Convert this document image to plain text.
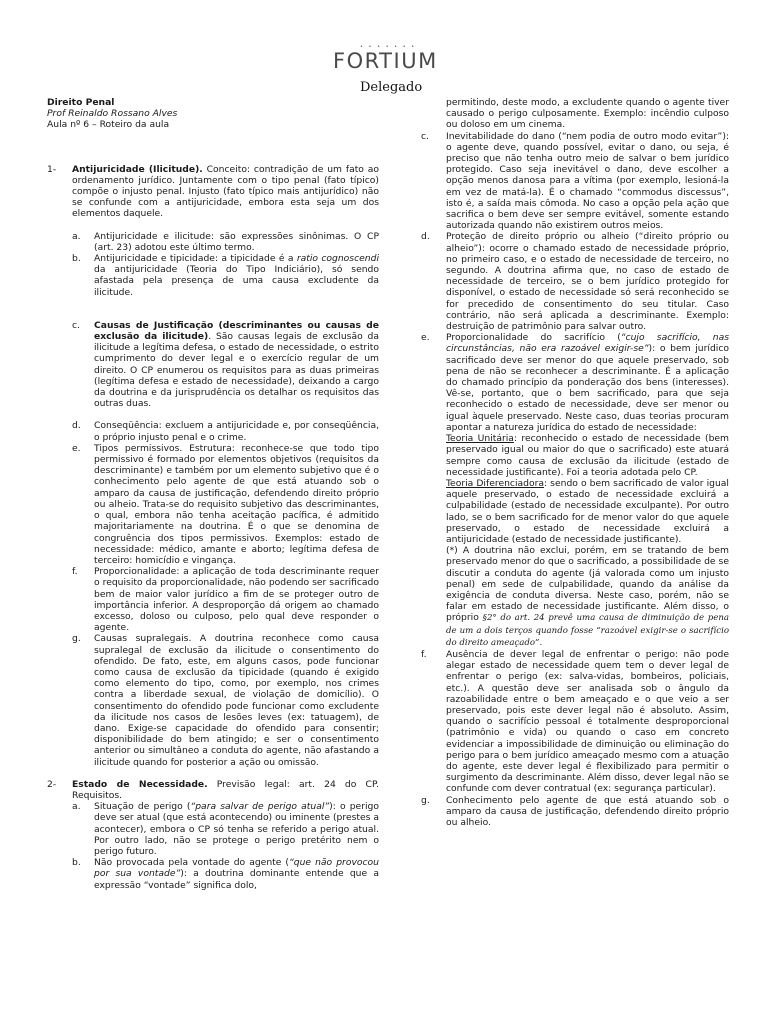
• • • • • • •
FORTIUM
Delegado

Direito Penal

Prof Reinaldo Rossano Alves

Aula nº 6 – Roteiro da aula

1-	Antijuricidade (Ilicitude). Conceito: contradição de um fato ao ordenamento jurídico. Juntamente com o tipo penal (fato típico) compõe o injusto penal. Injusto (fato típico mais antijurídico) não se confunde com a antijuricidade, embora esta seja um dos elementos daquele.

a.	Antijuricidade e ilicitude: são expressões sinônimas. O CP (art. 23) adotou este último termo.

b.	Antijuricidade e tipicidade: a tipicidade é a ratio cognoscendi da antijuricidade (Teoria do Tipo Indiciário), só sendo afastada pela presença de uma causa excludente da ilicitude.

c.	Causas de Justificação (descriminantes ou causas de exclusão da ilicitude). São causas legais de exclusão da ilicitude a legítima defesa, o estado de necessidade, o estrito cumprimento do dever legal e o exercício regular de um direito. O CP enumerou os requisitos para as duas primeiras (legítima defesa e estado de necessidade), deixando a cargo da doutrina e da jurisprudência os detalhar os requisitos das outras duas.

d.	Conseqüência: excluem a antijuricidade e, por conseqüência, o próprio injusto penal e o crime.

e.	Tipos permissivos. Estrutura: reconhece-se que todo tipo permissivo é formado por elementos objetivos (requisitos da descriminante) e também por um elemento subjetivo que é o conhecimento pelo agente de que está atuando sob o amparo da causa de justificação, defendendo direito próprio ou alheio. Trata-se do requisito subjetivo das descriminantes, o qual, embora não tenha aceitação pacífica, é admitido majoritariamente na doutrina. É o que se denomina de congruência dos tipos permissivos. Exemplos: estado de necessidade: médico, amante e aborto; legítima defesa de terceiro: homicídio e vingança.

f.	Proporcionalidade: a aplicação de toda descriminante requer o requisito da proporcionalidade, não podendo ser sacrificado bem de maior valor jurídico a fim de se proteger outro de importância inferior. A desproporção dá origem ao chamado excesso, doloso ou culposo, pelo qual deve responder o agente.

g.	Causas supralegais. A doutrina reconhece como causa supralegal de exclusão da ilicitude o consentimento do ofendido. De fato, este, em alguns casos, pode funcionar como causa de exclusão da tipicidade (quando é exigido como elemento do tipo, como, por exemplo, nos crimes contra a liberdade sexual, de violação de domicílio). O consentimento do ofendido pode funcionar como excludente da ilicitude nos casos de lesões leves (ex: tatuagem), de dano. Exige-se capacidade do ofendido para consentir; disponibilidade do bem atingido; e ser o consentimento anterior ou simultâneo a conduta do agente, não afastando a ilicitude quando for posterior a ação ou omissão.

2-	Estado de Necessidade. Previsão legal: art. 24 do CP. Requisitos.

a.	Situação de perigo (“para salvar de perigo atual”): o perigo deve ser atual (que está acontecendo) ou iminente (prestes a acontecer), embora o CP só tenha se referido a perigo atual. Por outro lado, não se protege o perigo pretérito nem o perigo futuro.

b.	Não provocada pela vontade do agente (“que não provocou por sua vontade”): a doutrina dominante entende que a expressão “vontade” significa dolo,

permitindo, deste modo, a excludente quando o agente tiver causado o perigo culposamente. Exemplo: incêndio culposo ou doloso em um cinema.

c.	Inevitabilidade do dano (“nem podia de outro modo evitar”): o agente deve, quando possível, evitar o dano, ou seja, é preciso que não tenha outro meio de salvar o bem jurídico protegido. Caso seja inevitável o dano, deve escolher a opção menos danosa para a vítima (por exemplo, lesioná-la em vez de matá-la). É o chamado “commodus discessus”, isto é, a saída mais cômoda. No caso a opção pela ação que sacrifica o bem deve ser sempre evitável, somente estando autorizada quando não existirem outros meios.

d.	Proteção de direito próprio ou alheio (“direito próprio ou alheio”): ocorre o chamado estado de necessidade próprio, no primeiro caso, e o estado de necessidade de terceiro, no segundo. A doutrina afirma que, no caso de estado de necessidade de terceiro, se o bem jurídico protegido for disponível, o estado de necessidade só será reconhecido se for precedido de consentimento do seu titular. Caso contrário, não será aplicada a descriminante. Exemplo: destruição de patrimônio para salvar outro.

e.	Proporcionalidade do sacrifício (“cujo sacrifício, nas circunstâncias, não era razoável exigir-se”): o bem jurídico sacrificado deve ser menor do que aquele preservado, sob pena de não se reconhecer a descriminante. É a aplicação do chamado princípio da ponderação dos bens (interesses). Vê-se, portanto, que o bem sacrificado, para que seja reconhecido o estado de necessidade, deve ser menor ou igual àquele preservado. Neste caso, duas teorias procuram apontar a natureza jurídica do estado de necessidade:

Teoria Unitária: reconhecido o estado de necessidade (bem preservado igual ou maior do que o sacrificado) este atuará sempre como causa de exclusão da ilicitude (estado de necessidade justificante). Foi a teoria adotada pelo CP.

Teoria Diferenciadora: sendo o bem sacrificado de valor igual aquele preservado, o estado de necessidade excluirá a culpabilidade (estado de necessidade exculpante). Por outro lado, se o bem sacrificado for de menor valor do que aquele preservado, o estado de necessidade excluirá a antijuricidade (estado de necessidade justificante).

(*) A doutrina não exclui, porém, em se tratando de bem preservado menor do que o sacrificado, a possibilidade de se discutir a conduta do agente (já valorada como um injusto penal) em sede de culpabilidade, quando da análise da exigência de conduta diversa. Neste caso, porém, não se falar em estado de necessidade justificante. Além disso, o próprio §2° do art. 24 prevê uma causa de diminuição de pena de um a dois terços quando fosse “razoável exigir-se o sacrifício do direito ameaçado”.

f.	Ausência de dever legal de enfrentar o perigo: não pode alegar estado de necessidade quem tem o dever legal de enfrentar o perigo (ex: salva-vidas, bombeiros, policiais, etc.). A questão deve ser analisada sob o ângulo da razoabilidade entre o bem ameaçado e o que veio a ser preservado, pois este dever legal não é absoluto. Assim, quando o sacrifício pessoal é totalmente desproporcional (patrimônio e vida) ou quando o caso em concreto evidenciar a impossibilidade de diminuição ou eliminação do perigo para o bem jurídico ameaçado mesmo com a atuação do agente, este dever legal é flexibilizado para permitir o surgimento da descriminante. Além disso, dever legal não se confunde com dever contratual (ex: segurança particular).

g.	Conhecimento pelo agente de que está atuando sob o amparo da causa de justificação, defendendo direito próprio ou alheio.
